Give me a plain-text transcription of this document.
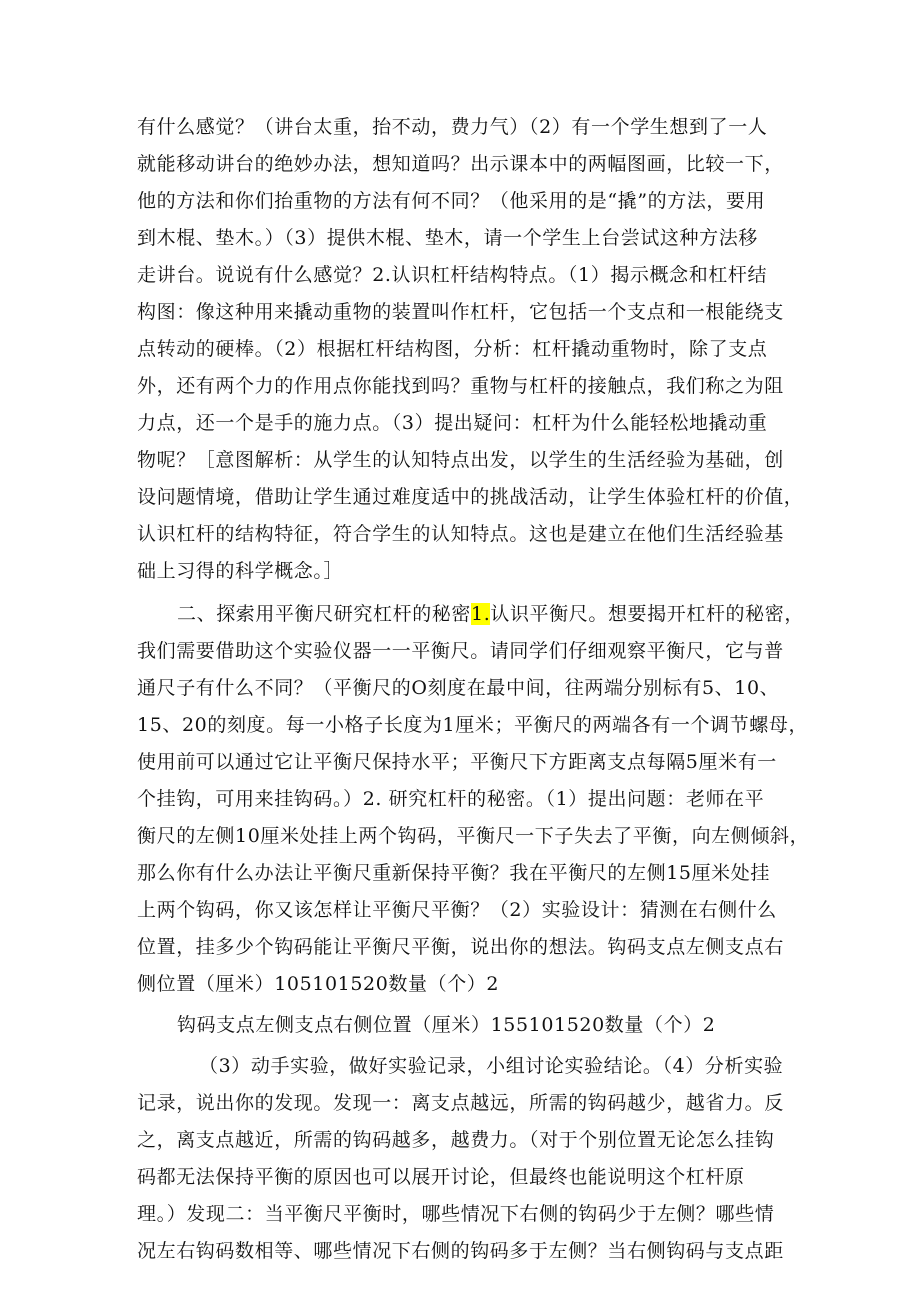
有什么感觉？（讲台太重，抬不动，费力气）（2）有一个学生想到了一人
就能移动讲台的绝妙办法，想知道吗？出示课本中的两幅图画，比较一下，
他的方法和你们抬重物的方法有何不同？（他采用的是“撬”的方法，要用
到木棍、垫木。）（3）提供木棍、垫木，请一个学生上台尝试这种方法移
走讲台。说说有什么感觉？2.认识杠杆结构特点。（1）揭示概念和杠杆结
构图：像这种用来撬动重物的装置叫作杠杆，它包括一个支点和一根能绕支
点转动的硬棒。（2）根据杠杆结构图，分析：杠杆撬动重物时，除了支点
外，还有两个力的作用点你能找到吗？重物与杠杆的接触点，我们称之为阻
力点，还一个是手的施力点。（3）提出疑问：杠杆为什么能轻松地撬动重
物呢？［意图解析：从学生的认知特点出发，以学生的生活经验为基础，创
设问题情境，借助让学生通过难度适中的挑战活动，让学生体验杠杆的价值，
认识杠杆的结构特征，符合学生的认知特点。这也是建立在他们生活经验基
础上习得的科学概念。］
二、探索用平衡尺研究杠杆的秘密1.认识平衡尺。想要揭开杠杆的秘密，
我们需要借助这个实验仪器一一平衡尺。请同学们仔细观察平衡尺，它与普
通尺子有什么不同？（平衡尺的O刻度在最中间，往两端分别标有5、10、
15、20的刻度。每一小格子长度为1厘米；平衡尺的两端各有一个调节螺母，
使用前可以通过它让平衡尺保持水平；平衡尺下方距离支点每隔5厘米有一
个挂钩，可用来挂钩码。）2. 研究杠杆的秘密。（1）提出问题：老师在平
衡尺的左侧10厘米处挂上两个钩码，平衡尺一下子失去了平衡，向左侧倾斜，
那么你有什么办法让平衡尺重新保持平衡？我在平衡尺的左侧15厘米处挂
上两个钩码，你又该怎样让平衡尺平衡？（2）实验设计：猜测在右侧什么
位置，挂多少个钩码能让平衡尺平衡，说出你的想法。钩码支点左侧支点右
侧位置（厘米）105101520数量（个）2
钩码支点左侧支点右侧位置（厘米）155101520数量（个）2
（3）动手实验，做好实验记录，小组讨论实验结论。（4）分析实验
记录，说出你的发现。发现一：离支点越远，所需的钩码越少，越省力。反
之，离支点越近，所需的钩码越多，越费力。（对于个别位置无论怎么挂钩
码都无法保持平衡的原因也可以展开讨论，但最终也能说明这个杠杆原
理。）发现二：当平衡尺平衡时，哪些情况下右侧的钩码少于左侧？哪些情
况左右钩码数相等、哪些情况下右侧的钩码多于左侧？当右侧钩码与支点距
